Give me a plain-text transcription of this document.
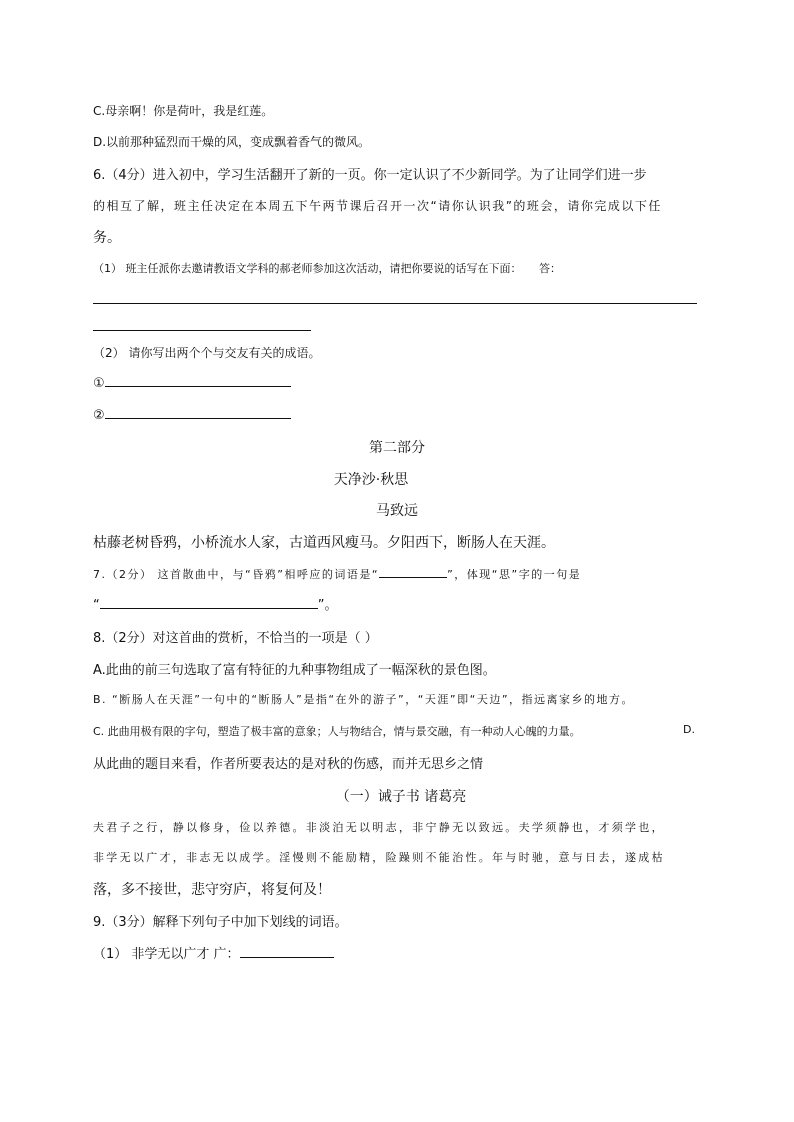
C.母亲啊！你是荷叶，我是红莲。
D.以前那种猛烈而干燥的风，变成飘着香气的微风。
6.（4分）进入初中，学习生活翻开了新的一页。你一定认识了不少新同学。为了让同学们进一步
的相互了解，班主任决定在本周五下午两节课后召开一次“请你认识我”的班会，请你完成以下任
务。
（1） 班主任派你去邀请教语文学科的郝老师参加这次活动，请把你要说的话写在下面： 答：
（2） 请你写出两个个与交友有关的成语。
①
②
第二部分
天净沙·秋思
马致远
枯藤老树昏鸦，小桥流水人家，古道西风瘦马。夕阳西下，断肠人在天涯。
7.（2分） 这首散曲中，与“昏鸦”相呼应的词语是“	”，体现“思”字的一句是
“	”。
8.（2分）对这首曲的赏析，不恰当的一项是（ ）
A.此曲的前三句选取了富有特征的九种事物组成了一幅深秋的景色图。
B. “断肠人在天涯”一句中的“断肠人”是指“在外的游子”，“天涯”即“天边”，指远离家乡的地方。
C. 此曲用极有限的字句，塑造了极丰富的意象；人与物结合，情与景交融，有一种动人心魄的力量。	D.
从此曲的题目来看，作者所要表达的是对秋的伤感，而并无思乡之情
（一）诫子书 诸葛亮
夫君子之行，静以修身，俭以养德。非淡泊无以明志，非宁静无以致远。夫学须静也，才须学也，
非学无以广才，非志无以成学。淫慢则不能励精，险躁则不能治性。年与时驰，意与日去，遂成枯
落，多不接世，悲守穷庐，将复何及！
9.（3分）解释下列句子中加下划线的词语。
（1） 非学无以广才 广：
